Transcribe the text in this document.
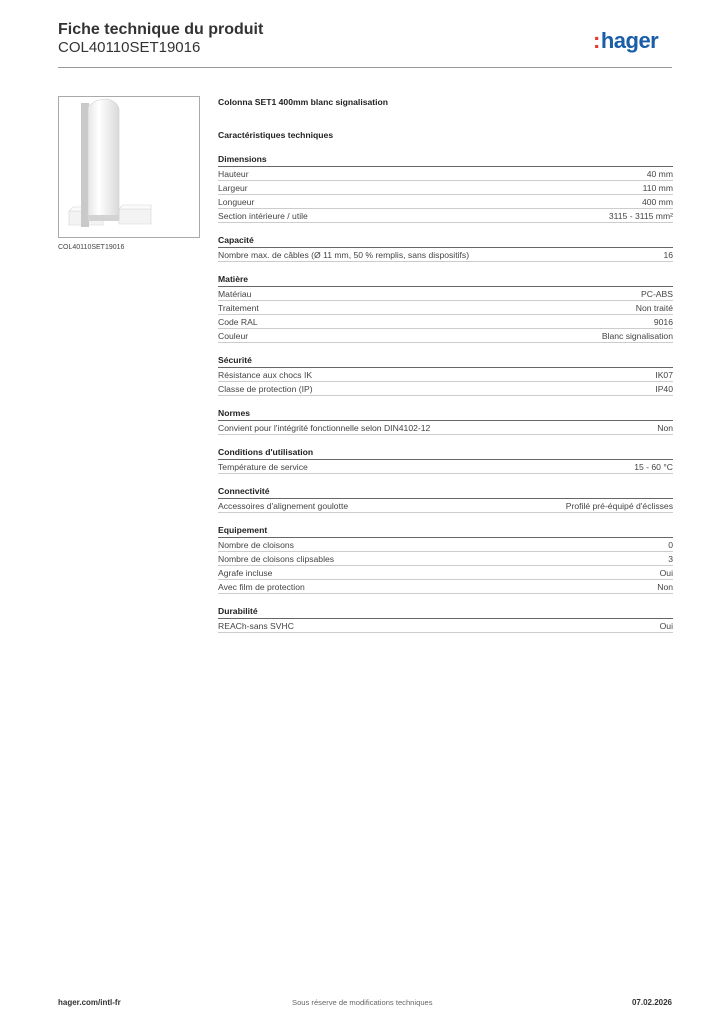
Fiche technique du produit
COL40110SET19016	:hager
COL40110SET19016
Colonna SET1 400mm blanc signalisation
Caractéristiques techniques
Dimensions
Hauteur	40 mm
Largeur	110 mm
Longueur	400 mm
Section intérieure / utile	3115 - 3115 mm²
Capacité
Nombre max. de câbles (Ø 11 mm, 50 % remplis, sans dispositifs)	16
Matière
Matériau	PC-ABS
Traitement	Non traité
Code RAL	9016
Couleur	Blanc signalisation
Sécurité
Résistance aux chocs IK	IK07
Classe de protection (IP)	IP40
Normes
Convient pour l'intégrité fonctionnelle selon DIN4102-12	Non
Conditions d'utilisation
Température de service	15 - 60 °C
Connectivité
Accessoires d'alignement goulotte	Profilé pré-équipé d'éclisses
Equipement
Nombre de cloisons	0
Nombre de cloisons clipsables	3
Agrafe incluse	Oui
Avec film de protection	Non
Durabilité
REACh-sans SVHC	Oui
hager.com/intl-fr	Sous réserve de modifications techniques	07.02.2026
